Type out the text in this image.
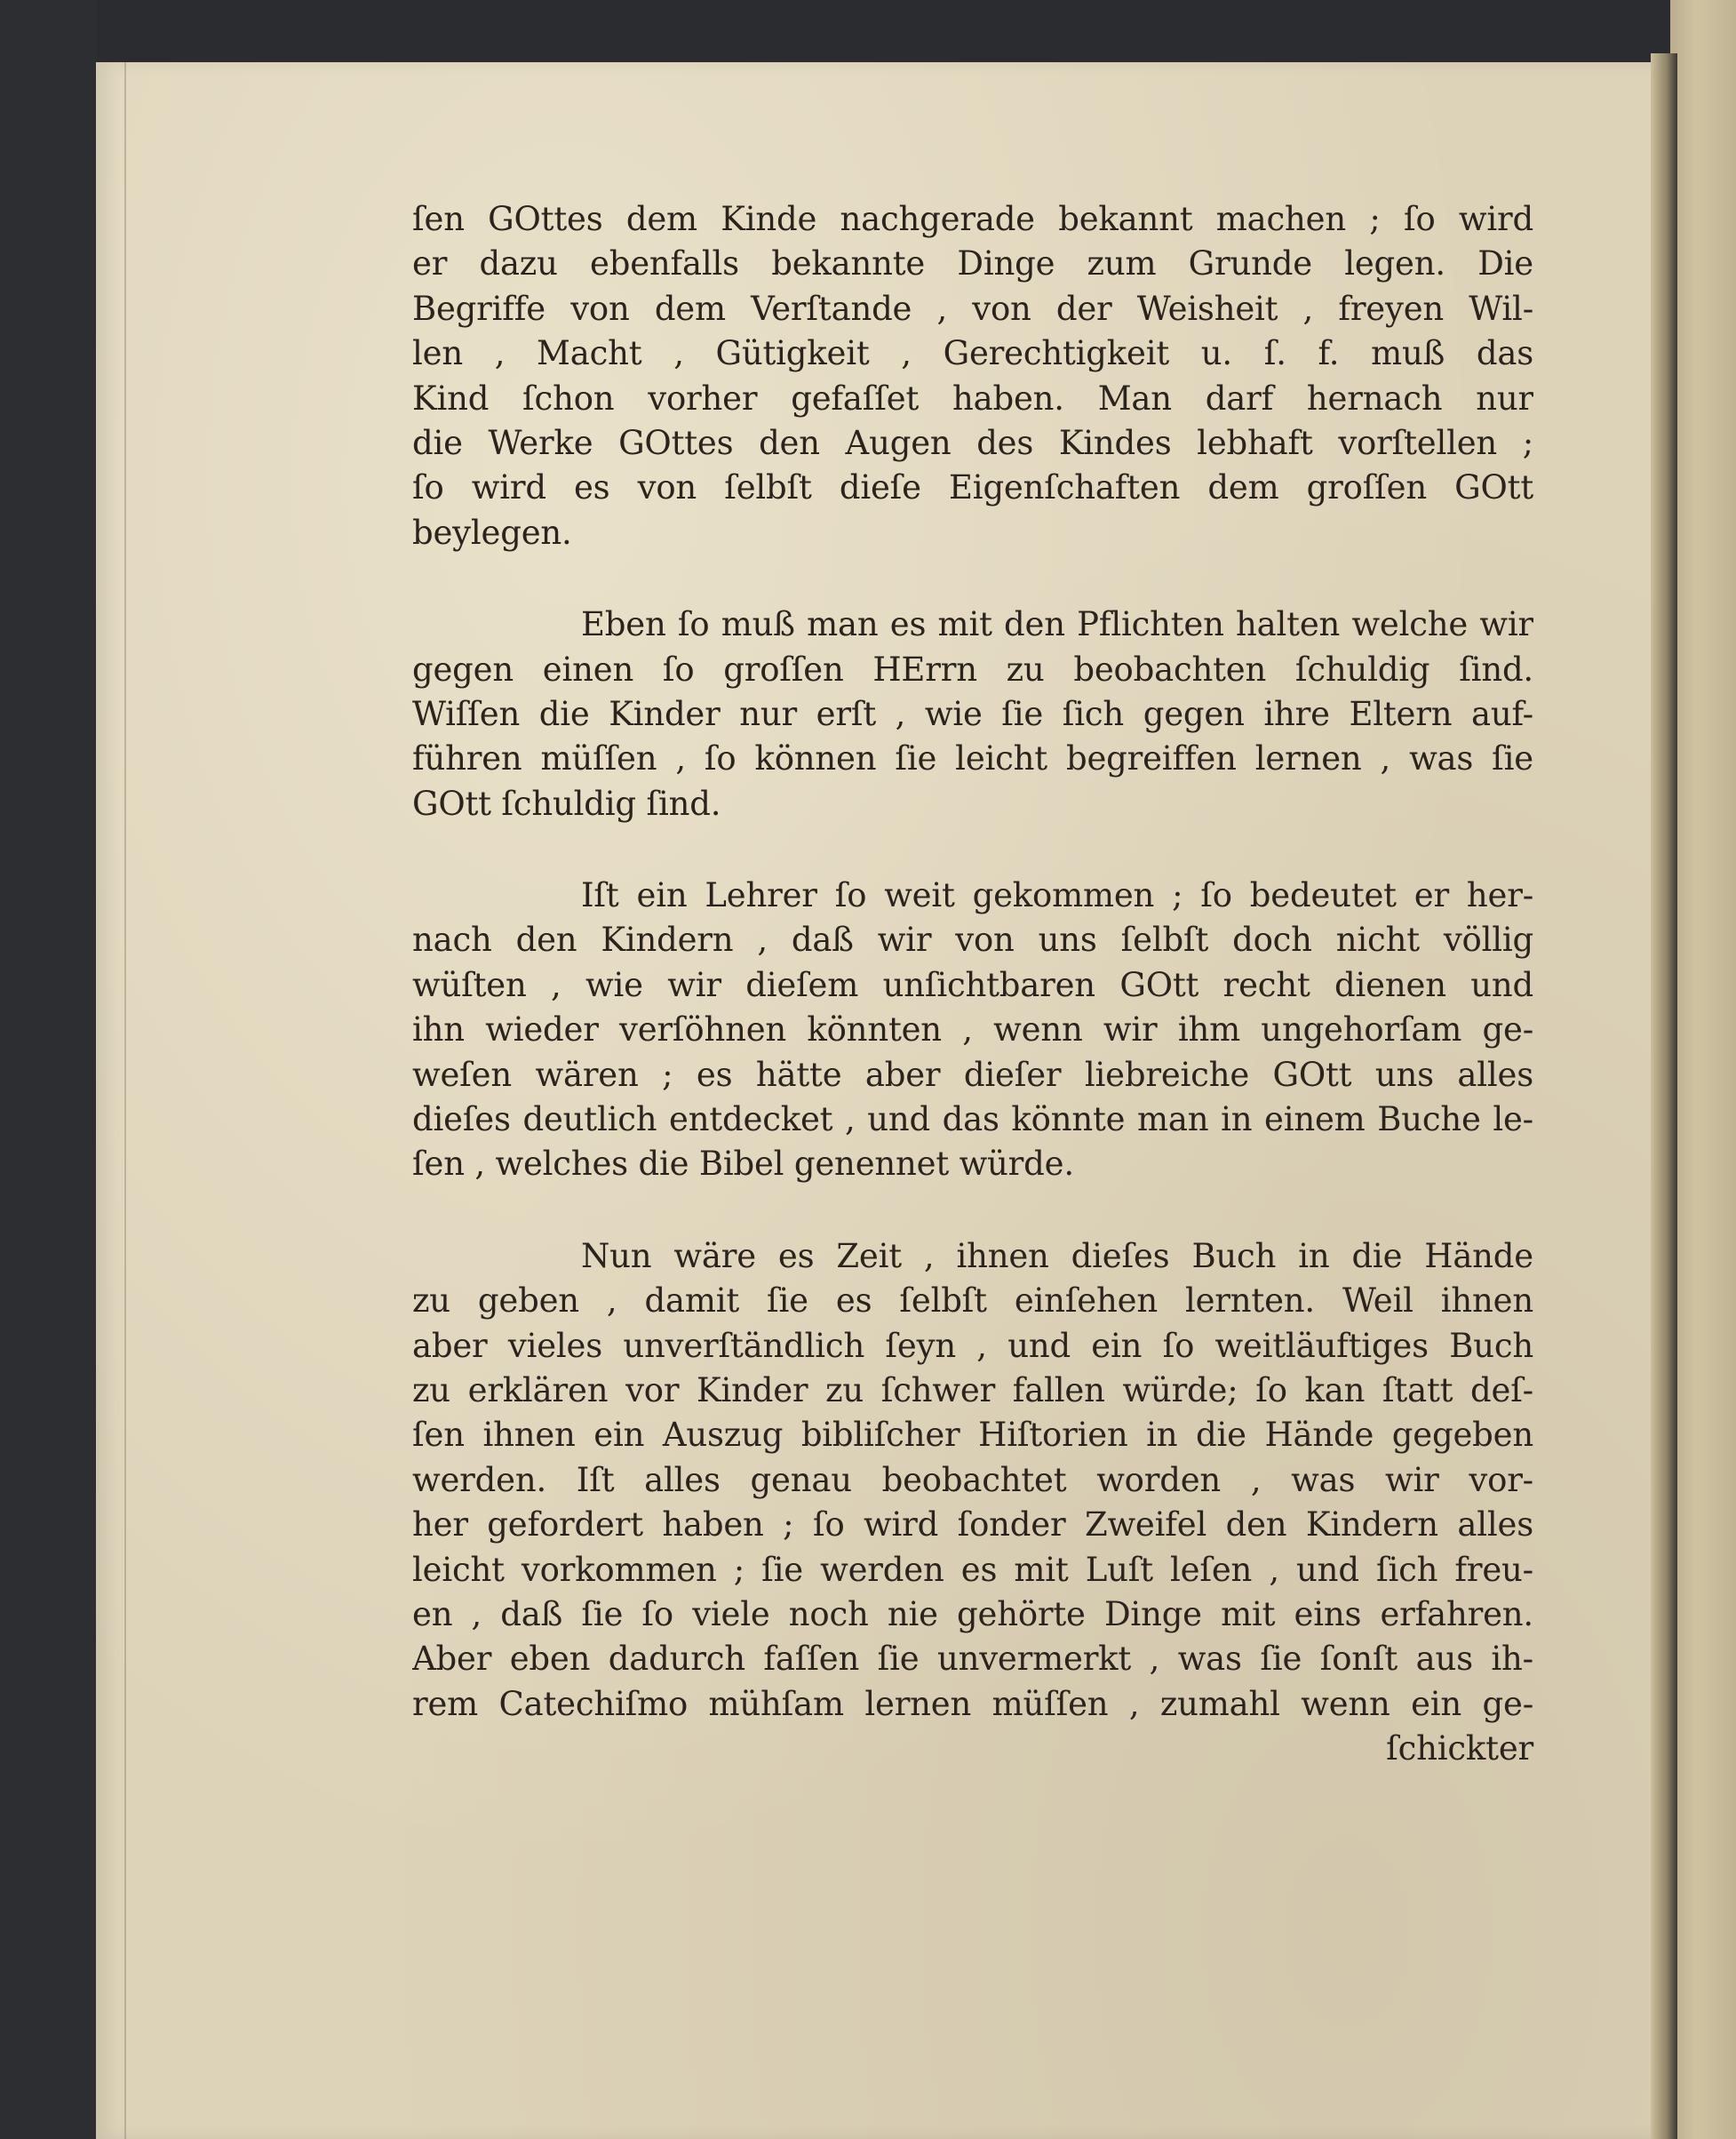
ſen GOttes dem Kinde nachgerade bekannt machen ; ſo wird
er dazu ebenfalls bekannte Dinge zum Grunde legen. Die
Begriffe von dem Verſtande , von der Weisheit , freyen Wil-
len , Macht , Gütigkeit , Gerechtigkeit u. ſ. f. muß das
Kind ſchon vorher gefaſſet haben. Man darf hernach nur
die Werke GOttes den Augen des Kindes lebhaft vorſtellen ;
ſo wird es von ſelbſt dieſe Eigenſchaften dem groſſen GOtt
beylegen.
Eben ſo muß man es mit den Pflichten halten welche wir
gegen einen ſo groſſen HErrn zu beobachten ſchuldig ſind.
Wiſſen die Kinder nur erſt , wie ſie ſich gegen ihre Eltern auf-
führen müſſen , ſo können ſie leicht begreiffen lernen , was ſie
GOtt ſchuldig ſind.
Iſt ein Lehrer ſo weit gekommen ; ſo bedeutet er her-
nach den Kindern , daß wir von uns ſelbſt doch nicht völlig
wüſten , wie wir dieſem unſichtbaren GOtt recht dienen und
ihn wieder verſöhnen könnten , wenn wir ihm ungehorſam ge-
weſen wären ; es hätte aber dieſer liebreiche GOtt uns alles
dieſes deutlich entdecket , und das könnte man in einem Buche le-
ſen , welches die Bibel genennet würde.
Nun wäre es Zeit , ihnen dieſes Buch in die Hände
zu geben , damit ſie es ſelbſt einſehen lernten. Weil ihnen
aber vieles unverſtändlich ſeyn , und ein ſo weitläuftiges Buch
zu erklären vor Kinder zu ſchwer fallen würde; ſo kan ſtatt deſ-
ſen ihnen ein Auszug bibliſcher Hiſtorien in die Hände gegeben
werden. Iſt alles genau beobachtet worden , was wir vor-
her gefordert haben ; ſo wird ſonder Zweifel den Kindern alles
leicht vorkommen ; ſie werden es mit Luſt leſen , und ſich freu-
en , daß ſie ſo viele noch nie gehörte Dinge mit eins erfahren.
Aber eben dadurch faſſen ſie unvermerkt , was ſie ſonſt aus ih-
rem Catechiſmo mühſam lernen müſſen , zumahl wenn ein ge-
ſchickter
